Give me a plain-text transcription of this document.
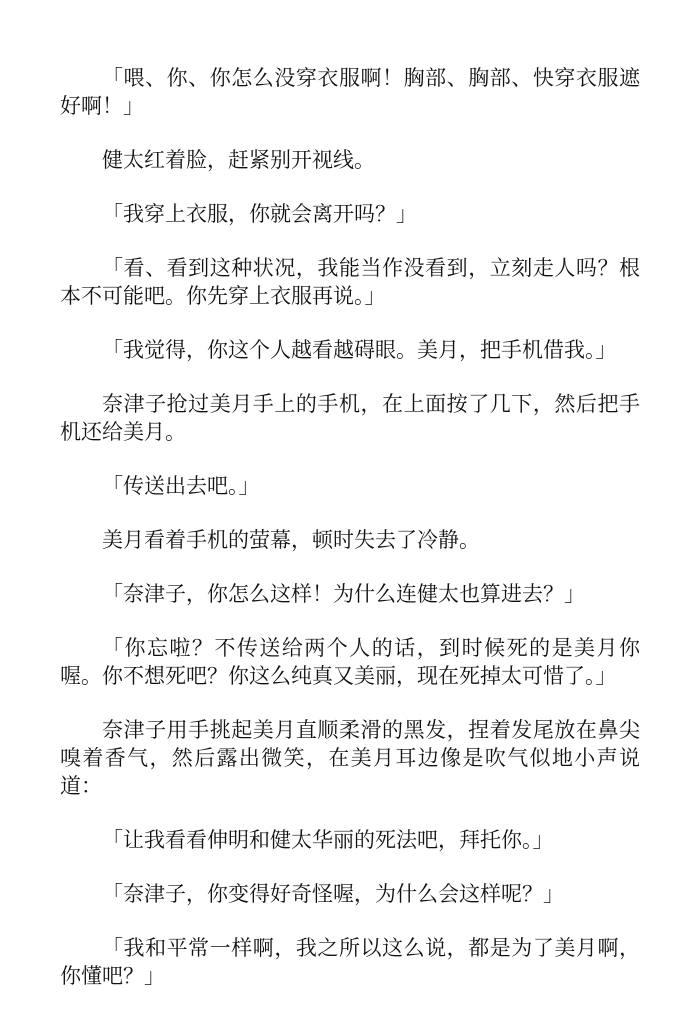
「喂、你、你怎么没穿衣服啊！胸部、胸部、快穿衣服遮好啊！」

健太红着脸，赶紧别开视线。

「我穿上衣服，你就会离开吗？」

「看、看到这种状况，我能当作没看到，立刻走人吗？根本不可能吧。你先穿上衣服再说。」

「我觉得，你这个人越看越碍眼。美月，把手机借我。」

奈津子抢过美月手上的手机，在上面按了几下，然后把手机还给美月。

「传送出去吧。」

美月看着手机的萤幕，顿时失去了冷静。

「奈津子，你怎么这样！为什么连健太也算进去？」

「你忘啦？不传送给两个人的话，到时候死的是美月你喔。你不想死吧？你这么纯真又美丽，现在死掉太可惜了。」

奈津子用手挑起美月直顺柔滑的黑发，捏着发尾放在鼻尖嗅着香气，然后露出微笑，在美月耳边像是吹气似地小声说道：

「让我看看伸明和健太华丽的死法吧，拜托你。」

「奈津子，你变得好奇怪喔，为什么会这样呢？」

「我和平常一样啊，我之所以这么说，都是为了美月啊，你懂吧？」
